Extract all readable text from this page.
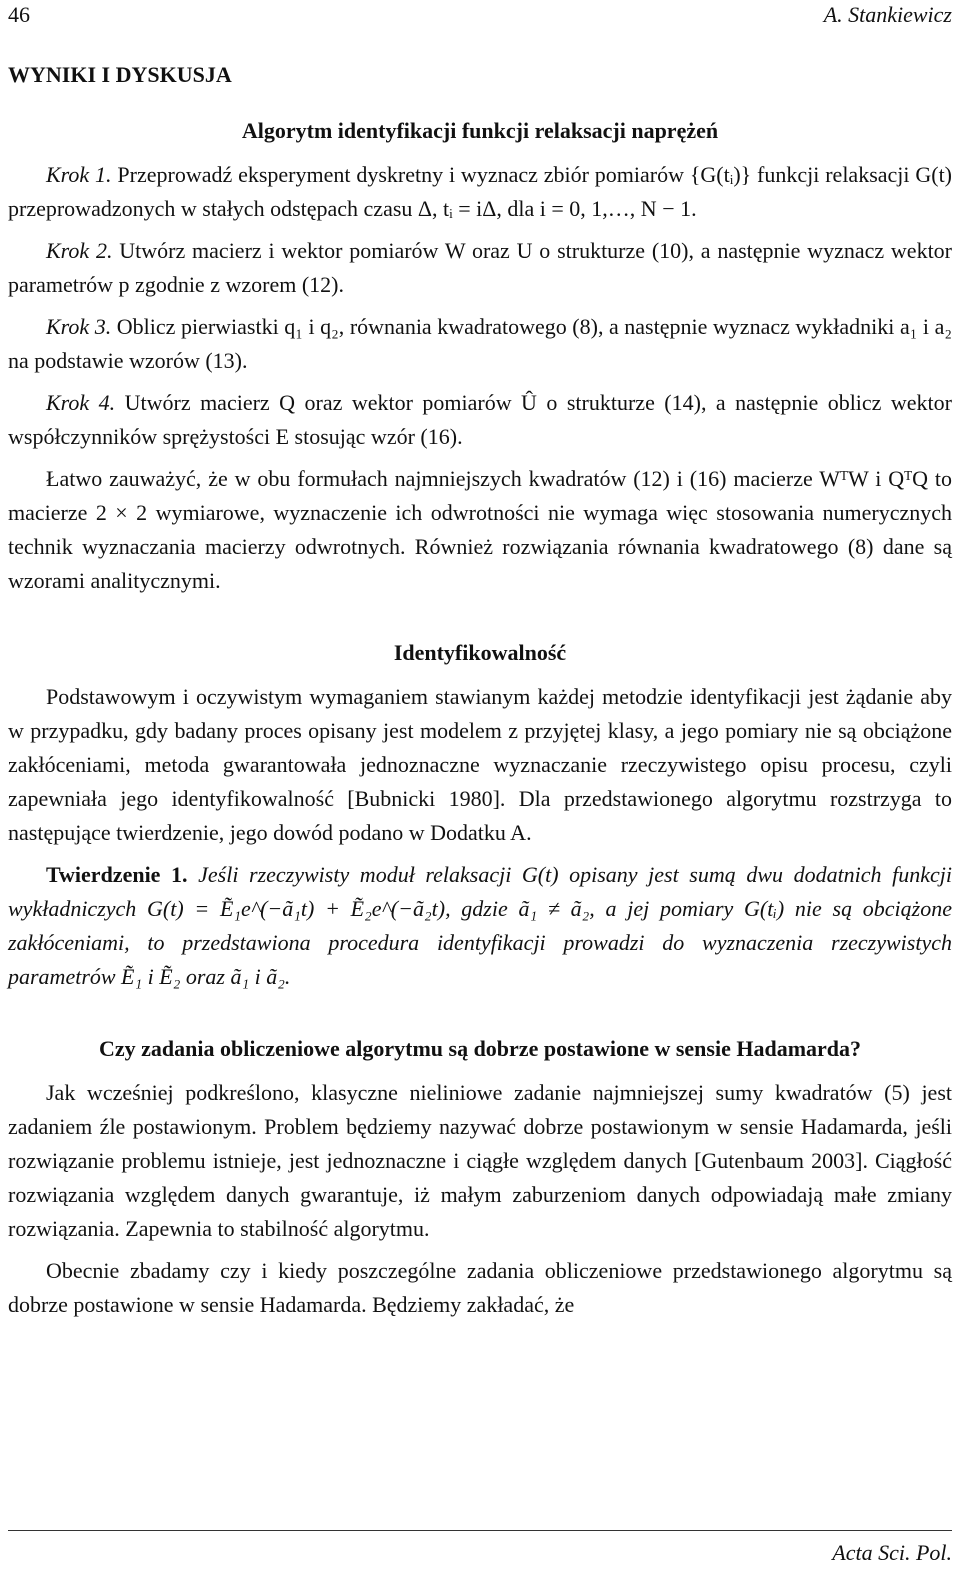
46	A. Stankiewicz
WYNIKI I DYSKUSJA
Algorytm identyfikacji funkcji relaksacji naprężeń

Krok 1. Przeprowadź eksperyment dyskretny i wyznacz zbiór pomiarów {G(tᵢ)} funkcji relaksacji G(t) przeprowadzonych w stałych odstępach czasu Δ, tᵢ = iΔ, dla i = 0, 1,…, N − 1.

Krok 2. Utwórz macierz i wektor pomiarów W oraz U o strukturze (10), a następnie wyznacz wektor parametrów p zgodnie z wzorem (12).

Krok 3. Oblicz pierwiastki q₁ i q₂, równania kwadratowego (8), a następnie wyznacz wykładniki a₁ i a₂ na podstawie wzorów (13).

Krok 4. Utwórz macierz Q oraz wektor pomiarów Û o strukturze (14), a następnie oblicz wektor współczynników sprężystości E stosując wzór (16).

Łatwo zauważyć, że w obu formułach najmniejszych kwadratów (12) i (16) macierze WᵀW i QᵀQ to macierze 2 × 2 wymiarowe, wyznaczenie ich odwrotności nie wymaga więc stosowania numerycznych technik wyznaczania macierzy odwrotnych. Również rozwiązania równania kwadratowego (8) dane są wzorami analitycznymi.

Identyfikowalność

Podstawowym i oczywistym wymaganiem stawianym każdej metodzie identyfikacji jest żądanie aby w przypadku, gdy badany proces opisany jest modelem z przyjętej klasy, a jego pomiary nie są obciążone zakłóceniami, metoda gwarantowała jednoznaczne wyznaczanie rzeczywistego opisu procesu, czyli zapewniała jego identyfikowalność [Bubnicki 1980]. Dla przedstawionego algorytmu rozstrzyga to następujące twierdzenie, jego dowód podano w Dodatku A.

Twierdzenie 1. Jeśli rzeczywisty moduł relaksacji G(t) opisany jest sumą dwu dodatnich funkcji wykładniczych G(t) = Ẽ₁e^(−ã₁t) + Ẽ₂e^(−ã₂t), gdzie ã₁ ≠ ã₂, a jej pomiary G(tᵢ) nie są obciążone zakłóceniami, to przedstawiona procedura identyfikacji prowadzi do wyznaczenia rzeczywistych parametrów Ẽ₁ i Ẽ₂ oraz ã₁ i ã₂.

Czy zadania obliczeniowe algorytmu są dobrze postawione w sensie Hadamarda?

Jak wcześniej podkreślono, klasyczne nieliniowe zadanie najmniejszej sumy kwadratów (5) jest zadaniem źle postawionym. Problem będziemy nazywać dobrze postawionym w sensie Hadamarda, jeśli rozwiązanie problemu istnieje, jest jednoznaczne i ciągłe względem danych [Gutenbaum 2003]. Ciągłość rozwiązania względem danych gwarantuje, iż małym zaburzeniom danych odpowiadają małe zmiany rozwiązania. Zapewnia to stabilność algorytmu.

Obecnie zbadamy czy i kiedy poszczególne zadania obliczeniowe przedstawionego algorytmu są dobrze postawione w sensie Hadamarda. Będziemy zakładać, że

Acta Sci. Pol.
